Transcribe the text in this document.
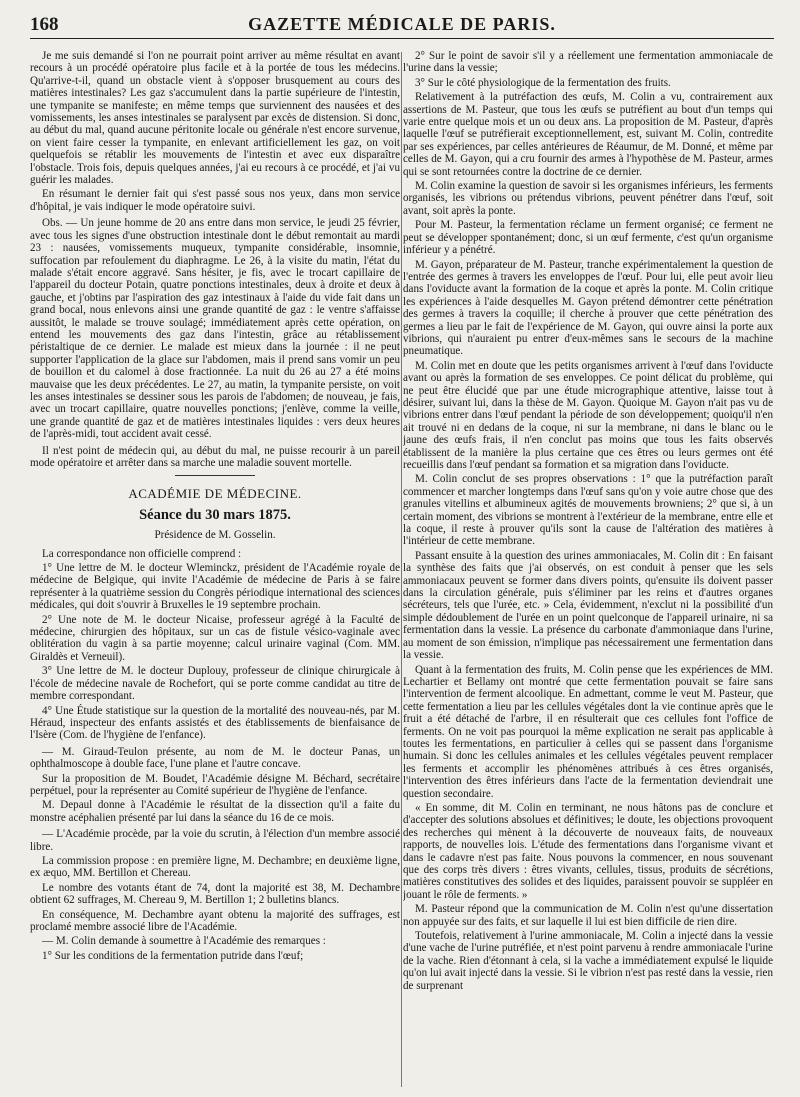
168	GAZETTE MÉDICALE DE PARIS.

Je me suis demandé si l'on ne pourrait point arriver au même résultat en avant recours à un procédé opératoire plus facile et à la portée de tous les médecins. Qu'arrive-t-il, quand un obstacle vient à s'opposer brusquement au cours des matières intestinales? Les gaz s'accumulent dans la partie supérieure de l'intestin, une tympanite se manifeste; en même temps que surviennent des nausées et des vomissements, les anses intestinales se paralysent par excès de distension. Si donc, au début du mal, quand aucune péritonite locale ou générale n'est encore survenue, on vient faire cesser la tympanite, en enlevant artificiellement les gaz, on voit quelquefois se rétablir les mouvements de l'intestin et avec eux disparaître l'obstacle. Trois fois, depuis quelques années, j'ai eu recours à ce procédé, et j'ai vu guérir les malades.

En résumant le dernier fait qui s'est passé sous nos yeux, dans mon service d'hôpital, je vais indiquer le mode opératoire suivi.

Obs. — Un jeune homme de 20 ans entre dans mon service, le jeudi 25 février, avec tous les signes d'une obstruction intestinale dont le début remontait au mardi 23 : nausées, vomissements muqueux, tympanite considérable, insomnie, suffocation par refoulement du diaphragme. Le 26, à la visite du matin, l'état du malade s'était encore aggravé. Sans hésiter, je fis, avec le trocart capillaire de l'appareil du docteur Potain, quatre ponctions intestinales, deux à droite et deux à gauche, et j'obtins par l'aspiration des gaz intestinaux à l'aide du vide fait dans un grand bocal, nous enlevons ainsi une grande quantité de gaz : le ventre s'affaisse aussitôt, le malade se trouve soulagé; immédiatement après cette opération, on entend les mouvements des gaz dans l'intestin, grâce au rétablissement péristaltique de ce dernier. Le malade est mieux dans la journée : il ne peut supporter l'application de la glace sur l'abdomen, mais il prend sans vomir un peu de bouillon et du calomel à dose fractionnée. La nuit du 26 au 27 a été moins mauvaise que les deux précédentes. Le 27, au matin, la tympanite persiste, on voit les anses intestinales se dessiner sous les parois de l'abdomen; de nouveau, je fais, avec un trocart capillaire, quatre nouvelles ponctions; j'enlève, comme la veille, une grande quantité de gaz et de matières intestinales liquides : vers deux heures de l'après-midi, tout accident avait cessé.

Il n'est point de médecin qui, au début du mal, ne puisse recourir à un pareil mode opératoire et arrêter dans sa marche une maladie souvent mortelle.

ACADÉMIE DE MÉDECINE.

Séance du 30 mars 1875.

Présidence de M. Gosselin.

La correspondance non officielle comprend :

1° Une lettre de M. le docteur Wleminckz, président de l'Académie royale de médecine de Belgique, qui invite l'Académie de médecine de Paris à se faire représenter à la quatrième session du Congrès périodique international des sciences médicales, qui doit s'ouvrir à Bruxelles le 19 septembre prochain.

2° Une note de M. le docteur Nicaise, professeur agrégé à la Faculté de médecine, chirurgien des hôpitaux, sur un cas de fistule vésico-vaginale avec oblitération du vagin à sa partie moyenne; calcul urinaire vaginal (Com. MM. Giraldès et Verneuil).

3° Une lettre de M. le docteur Duplouy, professeur de clinique chirurgicale à l'école de médecine navale de Rochefort, qui se porte comme candidat au titre de membre correspondant.

4° Une Étude statistique sur la question de la mortalité des nouveau-nés, par M. Héraud, inspecteur des enfants assistés et des établissements de bienfaisance de l'Isère (Com. de l'hygiène de l'enfance).

— M. Giraud-Teulon présente, au nom de M. le docteur Panas, un ophthalmoscope à double face, l'une plane et l'autre concave.

Sur la proposition de M. Boudet, l'Académie désigne M. Béchard, secrétaire perpétuel, pour la représenter au Comité supérieur de l'hygiène de l'enfance.

M. Depaul donne à l'Académie le résultat de la dissection qu'il a faite du monstre acéphalien présenté par lui dans la séance du 16 de ce mois.

— L'Académie procède, par la voie du scrutin, à l'élection d'un membre associé libre.

La commission propose : en première ligne, M. Dechambre; en deuxième ligne, ex æquo, MM. Bertillon et Chereau.

Le nombre des votants étant de 74, dont la majorité est 38, M. Dechambre obtient 62 suffrages, M. Chereau 9, M. Bertillon 1; 2 bulletins blancs.

En conséquence, M. Dechambre ayant obtenu la majorité des suffrages, est proclamé membre associé libre de l'Académie.

— M. Colin demande à soumettre à l'Académie des remarques :

1° Sur les conditions de la fermentation putride dans l'œuf;

2° Sur le point de savoir s'il y a réellement une fermentation ammoniacale de l'urine dans la vessie;

3° Sur le côté physiologique de la fermentation des fruits.

Relativement à la putréfaction des œufs, M. Colin a vu, contrairement aux assertions de M. Pasteur, que tous les œufs se putréfient au bout d'un temps qui varie entre quelque mois et un ou deux ans. La proposition de M. Pasteur, d'après laquelle l'œuf se putréfierait exceptionnellement, est, suivant M. Colin, contredite par ses expériences, par celles antérieures de Réaumur, de M. Donné, et même par celles de M. Gayon, qui a cru fournir des armes à l'hypothèse de M. Pasteur, armes qui se sont retournées contre la doctrine de ce dernier.

M. Colin examine la question de savoir si les organismes inférieurs, les ferments organisés, les vibrions ou prétendus vibrions, peuvent pénétrer dans l'œuf, soit avant, soit après la ponte.

Pour M. Pasteur, la fermentation réclame un ferment organisé; ce ferment ne peut se développer spontanément; donc, si un œuf fermente, c'est qu'un organisme inférieur y a pénétré.

M. Gayon, préparateur de M. Pasteur, tranche expérimentalement la question de l'entrée des germes à travers les enveloppes de l'œuf. Pour lui, elle peut avoir lieu dans l'oviducte avant la formation de la coque et après la ponte. M. Colin critique les expériences à l'aide desquelles M. Gayon prétend démontrer cette pénétration des germes à travers la coquille; il cherche à prouver que cette pénétration des germes a lieu par le fait de l'expérience de M. Gayon, qui ouvre ainsi la porte aux vibrions, qui n'auraient pu entrer d'eux-mêmes sans le secours de la machine pneumatique.

M. Colin met en doute que les petits organismes arrivent à l'œuf dans l'oviducte avant ou après la formation de ses enveloppes. Ce point délicat du problème, qui ne peut être élucidé que par une étude micrographique attentive, laisse tout à désirer, suivant lui, dans la thèse de M. Gayon. Quoique M. Gayon n'ait pas vu de vibrions entrer dans l'œuf pendant la période de son développement; quoiqu'il n'en ait trouvé ni en dedans de la coque, ni sur la membrane, ni dans le blanc ou le jaune des œufs frais, il n'en conclut pas moins que tous les faits observés établissent de la manière la plus certaine que ces êtres ou leurs germes ont été recueillis dans l'œuf pendant sa formation et sa migration dans l'oviducte.

M. Colin conclut de ses propres observations : 1° que la putréfaction paraît commencer et marcher longtemps dans l'œuf sans qu'on y voie autre chose que des granules vitellins et albumineux agités de mouvements browniens; 2° que si, à un certain moment, des vibrions se montrent à l'extérieur de la membrane, entre elle et la coque, il reste à prouver qu'ils sont la cause de l'altération des matières à l'intérieur de cette membrane.

Passant ensuite à la question des urines ammoniacales, M. Colin dit : En faisant la synthèse des faits que j'ai observés, on est conduit à penser que les sels ammoniacaux peuvent se former dans divers points, qu'ensuite ils doivent passer dans la circulation générale, puis s'éliminer par les reins et d'autres organes sécréteurs, tels que l'urée, etc. » Cela, évidemment, n'exclut ni la possibilité d'un simple dédoublement de l'urée en un point quelconque de l'appareil urinaire, ni sa fermentation dans la vessie. La présence du carbonate d'ammoniaque dans l'urine, au moment de son émission, n'implique pas nécessairement une fermentation dans la vessie.

Quant à la fermentation des fruits, M. Colin pense que les expériences de MM. Lechartier et Bellamy ont montré que cette fermentation pouvait se faire sans l'intervention de ferment alcoolique. En admettant, comme le veut M. Pasteur, que cette fermentation a lieu par les cellules végétales dont la vie continue après que le fruit a été détaché de l'arbre, il en résulterait que ces cellules font l'office de ferments. On ne voit pas pourquoi la même explication ne serait pas applicable à toutes les fermentations, en particulier à celles qui se passent dans l'organisme humain. Si donc les cellules animales et les cellules végétales peuvent remplacer les ferments et accomplir les phénomènes attribués à ces êtres organisés, l'intervention des êtres inférieurs dans l'acte de la fermentation deviendrait une question secondaire.

« En somme, dit M. Colin en terminant, ne nous hâtons pas de conclure et d'accepter des solutions absolues et définitives; le doute, les objections provoquent des recherches qui mènent à la découverte de nouveaux faits, de nouveaux rapports, de nouvelles lois. L'étude des fermentations dans l'organisme vivant et dans le cadavre n'est pas faite. Nous pouvons la commencer, en nous souvenant que des corps très divers : êtres vivants, cellules, tissus, produits de sécrétions, matières constitutives des solides et des liquides, paraissent pouvoir se suppléer en jouant le rôle de ferments. »

M. Pasteur répond que la communication de M. Colin n'est qu'une dissertation non appuyée sur des faits, et sur laquelle il lui est bien difficile de rien dire.

Toutefois, relativement à l'urine ammoniacale, M. Colin a injecté dans la vessie d'une vache de l'urine putréfiée, et n'est point parvenu à rendre ammoniacale l'urine de la vache. Rien d'étonnant à cela, si la vache a immédiatement expulsé le liquide qu'on lui avait injecté dans la vessie. Si le vibrion n'est pas resté dans la vessie, rien de surprenant
